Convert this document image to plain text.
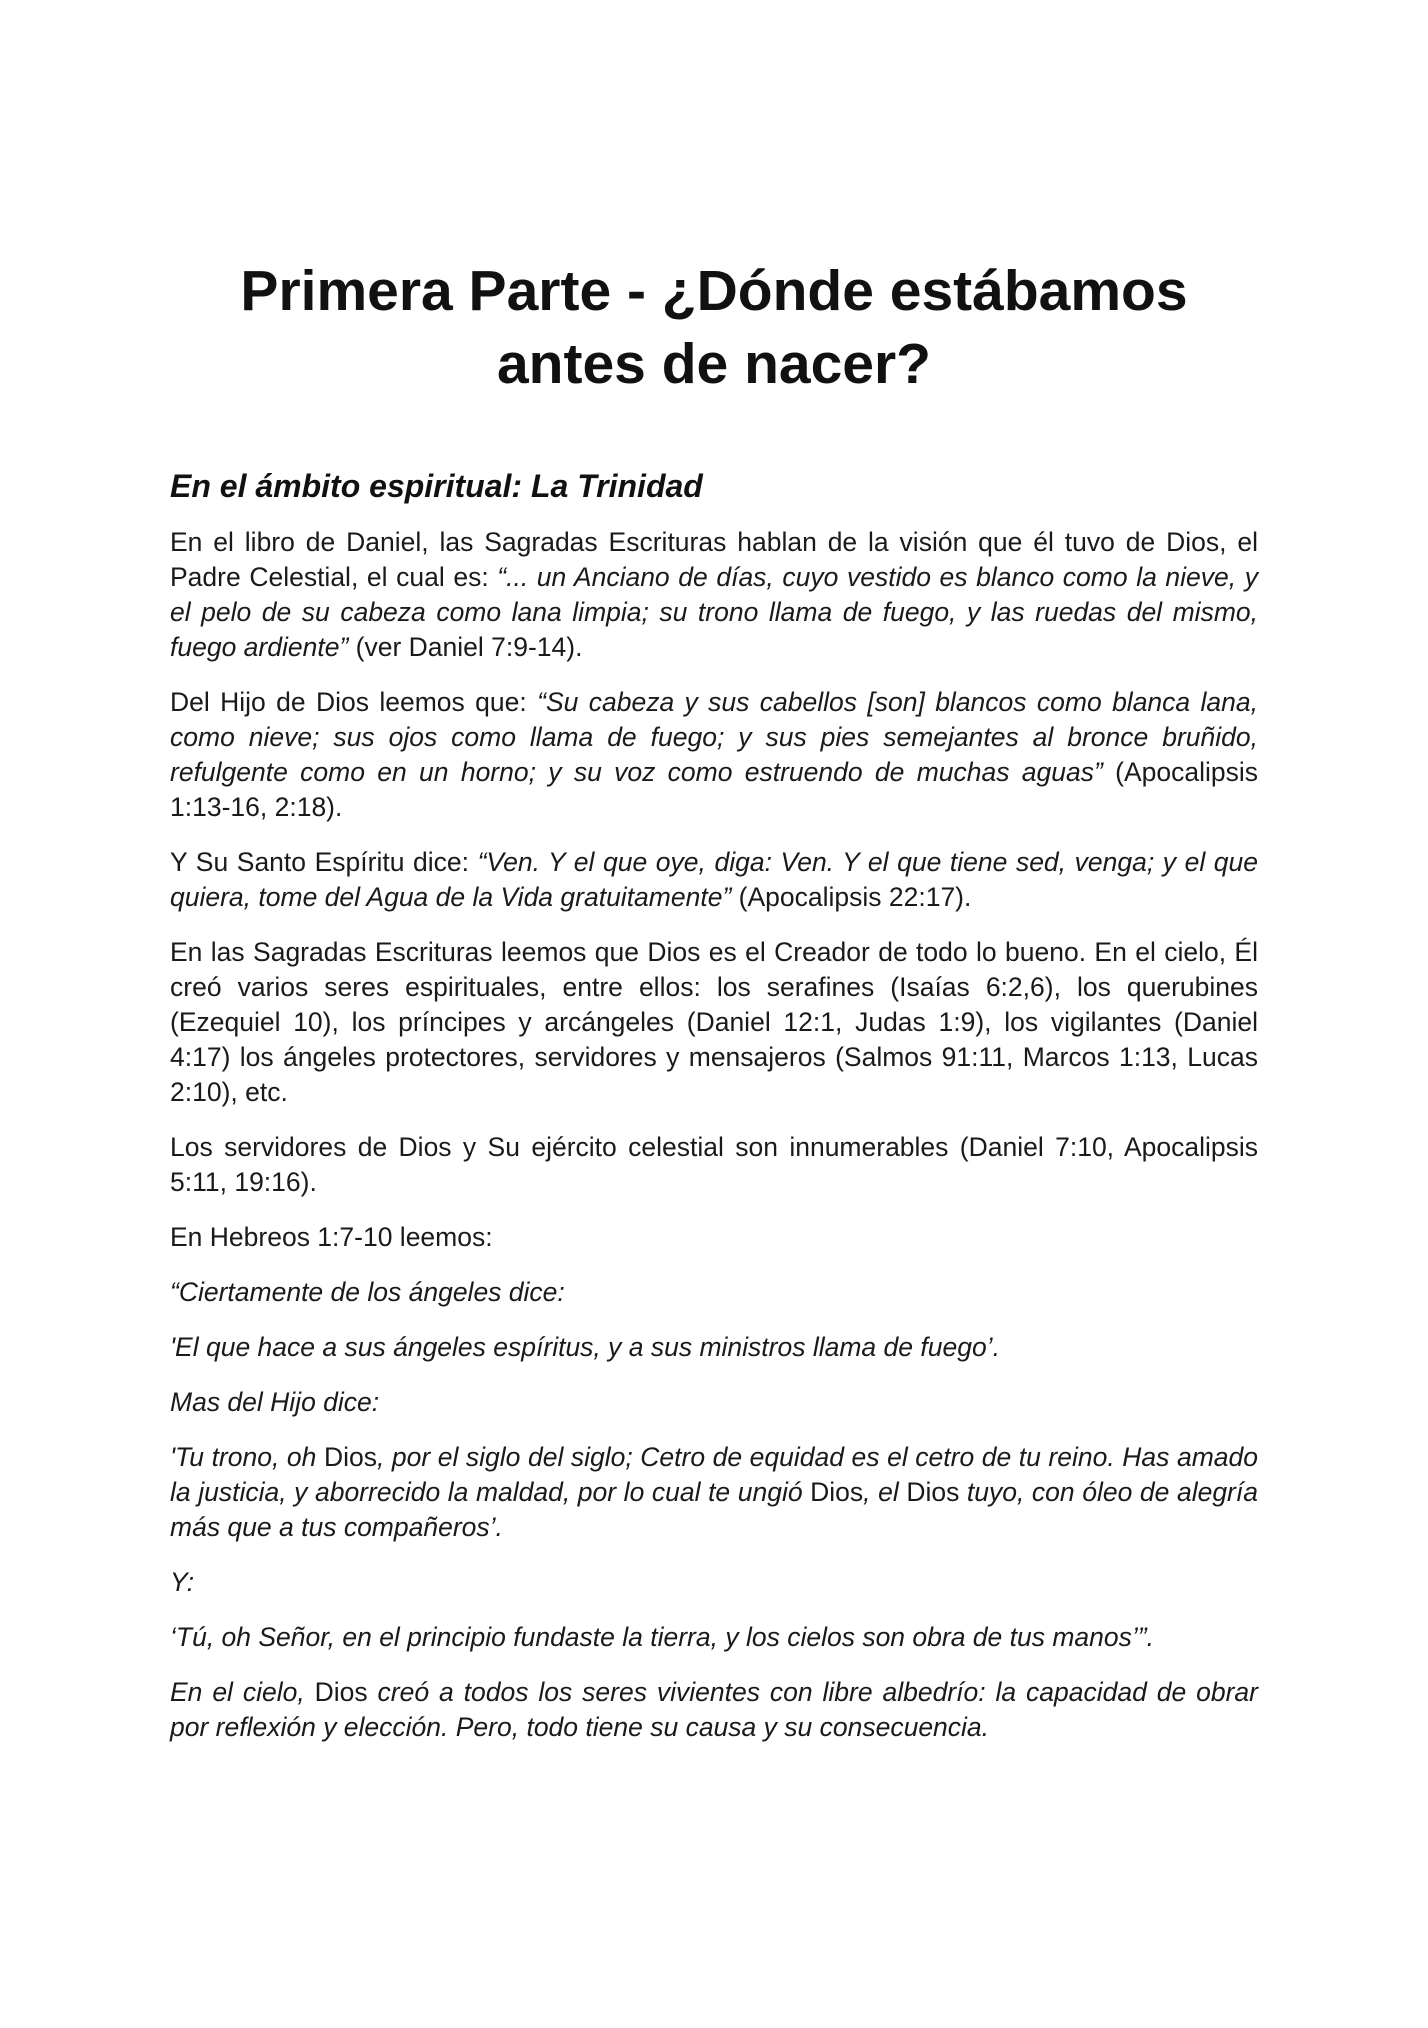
Primera Parte - ¿Dónde estábamos
antes de nacer?
En el ámbito espiritual: La Trinidad

En el libro de Daniel, las Sagradas Escrituras hablan de la visión que él tuvo de Dios, el Padre Celestial, el cual es: “... un Anciano de días, cuyo vestido es blanco como la nieve, y el pelo de su cabeza como lana limpia; su trono llama de fuego, y las ruedas del mismo, fuego ardiente” (ver Daniel 7:9-14).

Del Hijo de Dios leemos que: “Su cabeza y sus cabellos [son] blancos como blanca lana, como nieve; sus ojos como llama de fuego; y sus pies semejantes al bronce bruñido, refulgente como en un horno; y su voz como estruendo de muchas aguas” (Apocalipsis 1:13-16, 2:18).

Y Su Santo Espíritu dice: “Ven. Y el que oye, diga: Ven. Y el que tiene sed, venga; y el que quiera, tome del Agua de la Vida gratuitamente” (Apocalipsis 22:17).

En las Sagradas Escrituras leemos que Dios es el Creador de todo lo bueno. En el cielo, Él creó varios seres espirituales, entre ellos: los serafines (Isaías 6:2,6), los querubines (Ezequiel 10), los príncipes y arcángeles (Daniel 12:1, Judas 1:9), los vigilantes (Daniel 4:17) los ángeles protectores, servidores y mensajeros (Salmos 91:11, Marcos 1:13, Lucas 2:10), etc.

Los servidores de Dios y Su ejército celestial son innumerables (Daniel 7:10, Apocalipsis 5:11, 19:16).

En Hebreos 1:7-10 leemos:

“Ciertamente de los ángeles dice:

'El que hace a sus ángeles espíritus, y a sus ministros llama de fuego’.

Mas del Hijo dice:

'Tu trono, oh Dios, por el siglo del siglo; Cetro de equidad es el cetro de tu reino. Has amado la justicia, y aborrecido la maldad, por lo cual te ungió Dios, el Dios tuyo, con óleo de alegría más que a tus compañeros’.

Y:

‘Tú, oh Señor, en el principio fundaste la tierra, y los cielos son obra de tus manos’”.

En el cielo, Dios creó a todos los seres vivientes con libre albedrío: la capacidad de obrar por reflexión y elección. Pero, todo tiene su causa y su consecuencia.
